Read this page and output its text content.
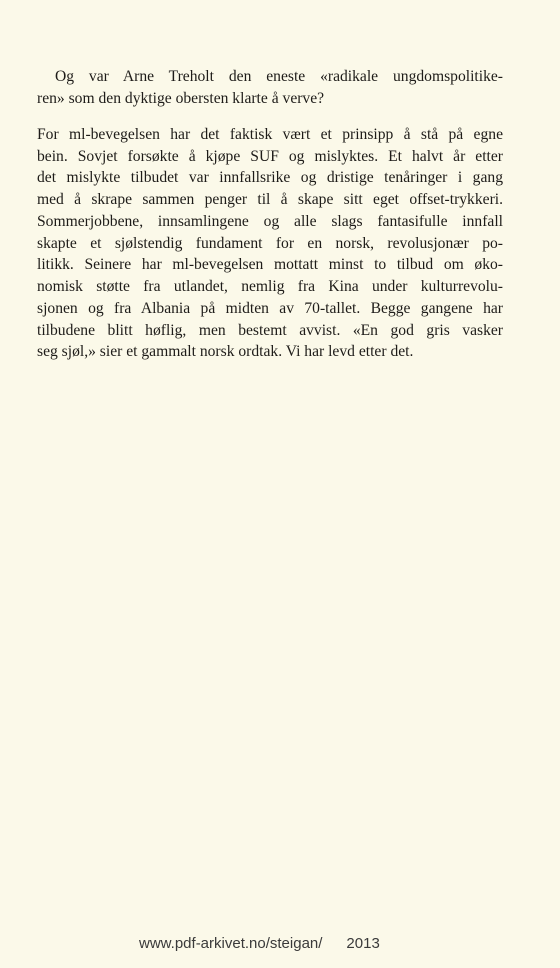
Og var Arne Treholt den eneste «radikale ungdomspolitike-
ren» som den dyktige obersten klarte å verve?
For ml-bevegelsen har det faktisk vært et prinsipp å stå på egne
bein. Sovjet forsøkte å kjøpe SUF og mislyktes. Et halvt år etter
det mislykte tilbudet var innfallsrike og dristige tenåringer i gang
med å skrape sammen penger til å skape sitt eget offset-trykkeri.
Sommerjobbene, innsamlingene og alle slags fantasifulle innfall
skapte et sjølstendig fundament for en norsk, revolusjonær po-
litikk. Seinere har ml-bevegelsen mottatt minst to tilbud om øko-
nomisk støtte fra utlandet, nemlig fra Kina under kulturrevolu-
sjonen og fra Albania på midten av 70-tallet. Begge gangene har
tilbudene blitt høflig, men bestemt avvist. «En god gris vasker
seg sjøl,» sier et gammalt norsk ordtak. Vi har levd etter det.
www.pdf-arkivet.no/steigan/ 2013
